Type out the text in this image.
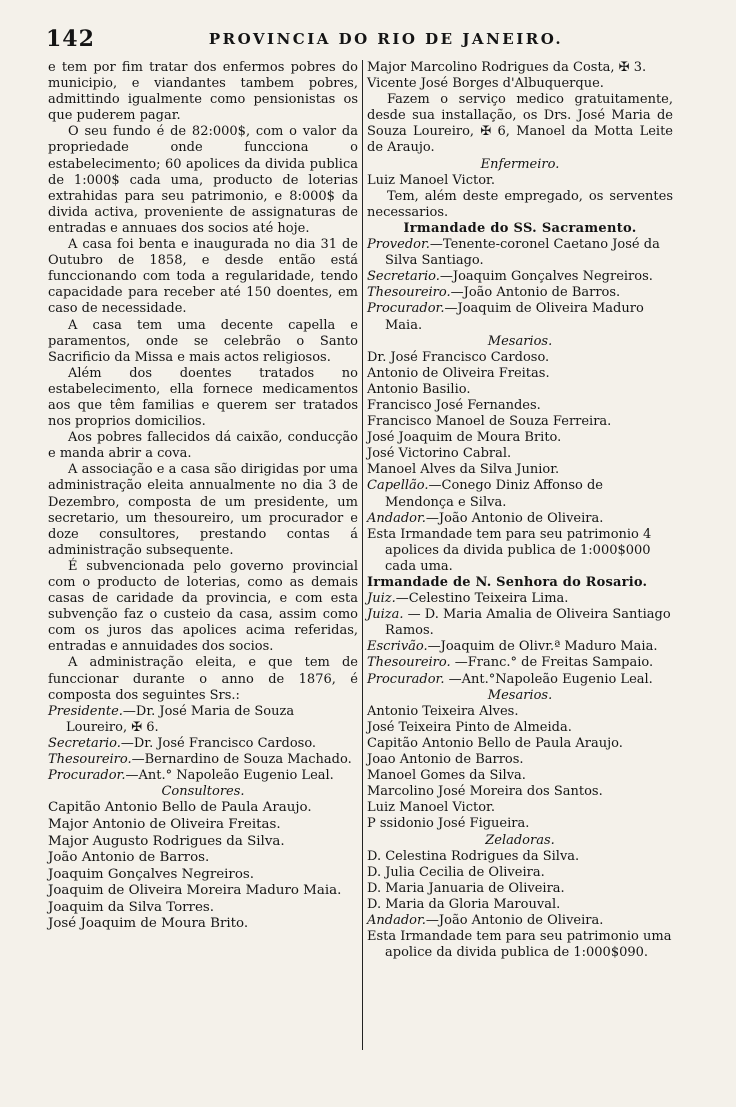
142	PROVINCIA DO RIO DE JANEIRO.

e tem por fim tratar dos enfermos pobres do municipio, e viandantes tambem pobres, admittindo igualmente como pensionistas os que puderem pagar.

O seu fundo é de 82:000$, com o valor da propriedade onde funcciona o estabelecimento; 60 apolices da divida publica de 1:000$ cada uma, producto de loterias extrahidas para seu patrimonio, e 8:000$ da divida activa, proveniente de assignaturas de entradas e annuaes dos socios até hoje.

A casa foi benta e inaugurada no dia 31 de Outubro de 1858, e desde então está funccionando com toda a regularidade, tendo capacidade para receber até 150 doentes, em caso de necessidade.

A casa tem uma decente capella e paramentos, onde se celebrão o Santo Sacrificio da Missa e mais actos religiosos.

Além dos doentes tratados no estabelecimento, ella fornece medicamentos aos que têm familias e querem ser tratados nos proprios domicilios.

Aos pobres fallecidos dá caixão, conducção e manda abrir a cova.

A associação e a casa são dirigidas por uma administração eleita annualmente no dia 3 de Dezembro, composta de um presidente, um secretario, um thesoureiro, um procurador e doze consultores, prestando contas á administração subsequente.

É subvencionada pelo governo provincial com o producto de loterias, como as demais casas de caridade da provincia, e com esta subvenção faz o custeio da casa, assim como com os juros das apolices acima referidas, entradas e annuidades dos socios.

A administração eleita, e que tem de funccionar durante o anno de 1876, é composta dos seguintes Srs.:

Presidente.—Dr. José Maria de Souza Loureiro, ✠ 6.

Secretario.—Dr. José Francisco Cardoso.

Thesoureiro.—Bernardino de Souza Machado.

Procurador.—Ant.° Napoleão Eugenio Leal.

Consultores.

Capitão Antonio Bello de Paula Araujo.

Major Antonio de Oliveira Freitas.

Major Augusto Rodrigues da Silva.

João Antonio de Barros.

Joaquim Gonçalves Negreiros.

Joaquim de Oliveira Moreira Maduro Maia.

Joaquim da Silva Torres.

José Joaquim de Moura Brito.

Major Marcolino Rodrigues da Costa, ✠ 3.

Vicente José Borges d'Albuquerque.

Fazem o serviço medico gratuitamente, desde sua installação, os Drs. José Maria de Souza Loureiro, ✠ 6, Manoel da Motta Leite de Araujo.

Enfermeiro.

Luiz Manoel Victor.

Tem, além deste empregado, os serventes necessarios.

Irmandade do SS. Sacramento.

Provedor.—Tenente-coronel Caetano José da Silva Santiago.

Secretario.—Joaquim Gonçalves Negreiros.

Thesoureiro.—João Antonio de Barros.

Procurador.—Joaquim de Oliveira Maduro Maia.

Mesarios.

Dr. José Francisco Cardoso.

Antonio de Oliveira Freitas.

Antonio Basilio.

Francisco José Fernandes.

Francisco Manoel de Souza Ferreira.

José Joaquim de Moura Brito.

José Victorino Cabral.

Manoel Alves da Silva Junior.

Capellão.—Conego Diniz Affonso de Mendonça e Silva.

Andador.—João Antonio de Oliveira.

Esta Irmandade tem para seu patrimonio 4 apolices da divida publica de 1:000$000 cada uma.

Irmandade de N. Senhora do Rosario.

Juiz.—Celestino Teixeira Lima.

Juiza. — D. Maria Amalia de Oliveira Santiago Ramos.

Escrivão.—Joaquim de Olivr.ª Maduro Maia.

Thesoureiro. —Franc.° de Freitas Sampaio.

Procurador. —Ant.°Napoleão Eugenio Leal.

Mesarios.

Antonio Teixeira Alves.

José Teixeira Pinto de Almeida.

Capitão Antonio Bello de Paula Araujo.

Joao Antonio de Barros.

Manoel Gomes da Silva.

Marcolino José Moreira dos Santos.

Luiz Manoel Victor.

P ssidonio José Figueira.

Zeladoras.

D. Celestina Rodrigues da Silva.

D. Julia Cecilia de Oliveira.

D. Maria Januaria de Oliveira.

D. Maria da Gloria Marouval.

Andador.—João Antonio de Oliveira.

Esta Irmandade tem para seu patrimonio uma apolice da divida publica de 1:000$090.
